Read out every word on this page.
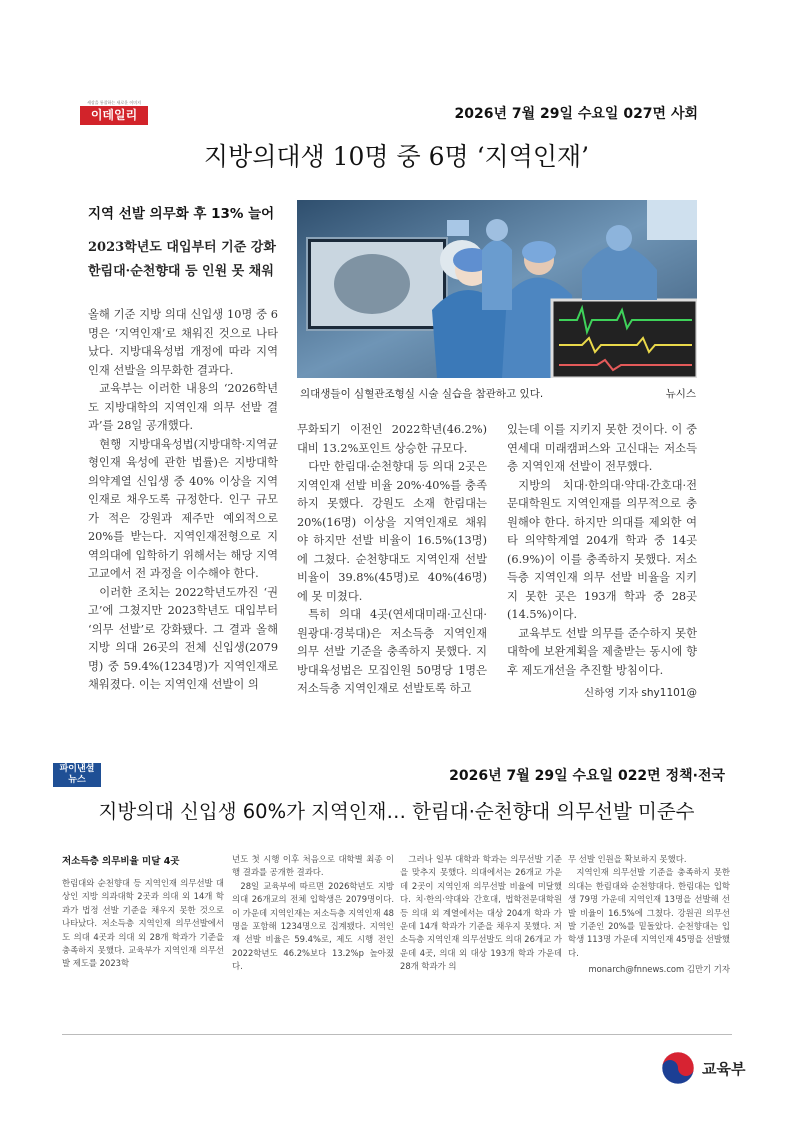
세상을 통찰하는 새로운 이미지
이데일리	2026년 7월 29일 수요일 027면 사회
지방의대생 10명 중 6명 ‘지역인재’
지역 선발 의무화 후 13% 늘어
2023학년도 대입부터 기준 강화
한림대·순천향대 등 인원 못 채워
의대생들이 심혈관조형실 시술 실습을 참관하고 있다.	뉴시스

올해 기준 지방 의대 신입생 10명 중 6명은 ‘지역인재’로 채워진 것으로 나타났다. 지방대육성법 개정에 따라 지역인재 선발을 의무화한 결과다.

교육부는 이러한 내용의 ‘2026학년도 지방대학의 지역인재 의무 선발 결과’를 28일 공개했다.

현행 지방대육성법(지방대학·지역균형인재 육성에 관한 법률)은 지방대학 의약계열 신입생 중 40% 이상을 지역인재로 채우도록 규정한다. 인구 규모가 적은 강원과 제주만 예외적으로 20%를 받는다. 지역인재전형으로 지역의대에 입학하기 위해서는 해당 지역 고교에서 전 과정을 이수해야 한다.

이러한 조치는 2022학년도까진 ‘권고’에 그쳤지만 2023학년도 대입부터 ‘의무 선발’로 강화됐다. 그 결과 올해 지방 의대 26곳의 전체 신입생(2079명) 중 59.4%(1234명)가 지역인재로 채워졌다. 이는 지역인재 선발이 의

무화되기 이전인 2022학년(46.2%) 대비 13.2%포인트 상승한 규모다.

다만 한림대·순천향대 등 의대 2곳은 지역인재 선발 비율 20%·40%를 충족하지 못했다. 강원도 소재 한림대는 20%(16명) 이상을 지역인재로 채워야 하지만 선발 비율이 16.5%(13명)에 그쳤다. 순천향대도 지역인재 선발 비율이 39.8%(45명)로 40%(46명)에 못 미쳤다.

특히 의대 4곳(연세대미래·고신대·원광대·경북대)은 저소득층 지역인재 의무 선발 기준을 충족하지 못했다. 지방대육성법은 모집인원 50명당 1명은 저소득층 지역인재로 선발토록 하고

있는데 이를 지키지 못한 것이다. 이 중 연세대 미래캠퍼스와 고신대는 저소득층 지역인재 선발이 전무했다.

지방의 치대·한의대·약대·간호대·전문대학원도 지역인재를 의무적으로 충원해야 한다. 하지만 의대를 제외한 여타 의약학계열 204개 학과 중 14곳(6.9%)이 이를 충족하지 못했다. 저소득층 지역인재 의무 선발 비율을 지키지 못한 곳은 193개 학과 중 28곳(14.5%)이다.

교육부도 선발 의무를 준수하지 못한 대학에 보완계획을 제출받는 동시에 향후 제도개선을 추진할 방침이다.

신하영 기자 shy1101@
파이낸셜
뉴스	2026년 7월 29일 수요일 022면 정책·전국
지방의대 신입생 60%가 지역인재… 한림대·순천향대 의무선발 미준수
저소득층 의무비율 미달 4곳

한림대와 순천향대 등 지역인재 의무선발 대상인 지방 의과대학 2곳과 의대 외 14개 학과가 법정 선발 기준을 채우지 못한 것으로 나타났다. 저소득층 지역인재 의무선발에서도 의대 4곳과 의대 외 28개 학과가 기준을 충족하지 못했다. 교육부가 지역인재 의무선발 제도를 2023학

년도 첫 시행 이후 처음으로 대학별 최종 이행 결과를 공개한 결과다.

28일 교육부에 따르면 2026학년도 지방 의대 26개교의 전체 입학생은 2079명이다. 이 가운데 지역인재는 저소득층 지역인재 48명을 포함해 1234명으로 집계됐다. 지역인재 선발 비율은 59.4%로, 제도 시행 전인 2022학년도 46.2%보다 13.2%p 높아졌다.

그러나 일부 대학과 학과는 의무선발 기준을 맞추지 못했다. 의대에서는 26개교 가운데 2곳이 지역인재 의무선발 비율에 미달했다. 치·한의·약대와 간호대, 법학전문대학원 등 의대 외 계열에서는 대상 204개 학과 가운데 14개 학과가 기준을 채우지 못했다. 저소득층 지역인재 의무선발도 의대 26개교 가운데 4곳, 의대 외 대상 193개 학과 가운데 28개 학과가 의

무 선발 인원을 확보하지 못했다.

지역인재 의무선발 기준을 충족하지 못한 의대는 한림대와 순천향대다. 한림대는 입학생 79명 가운데 지역인재 13명을 선발해 선발 비율이 16.5%에 그쳤다. 강원권 의무선발 기준인 20%를 밑돌았다. 순천향대는 입학생 113명 가운데 지역인재 45명을 선발했다.

monarch@fnnews.com 김만기 기자
교육부
